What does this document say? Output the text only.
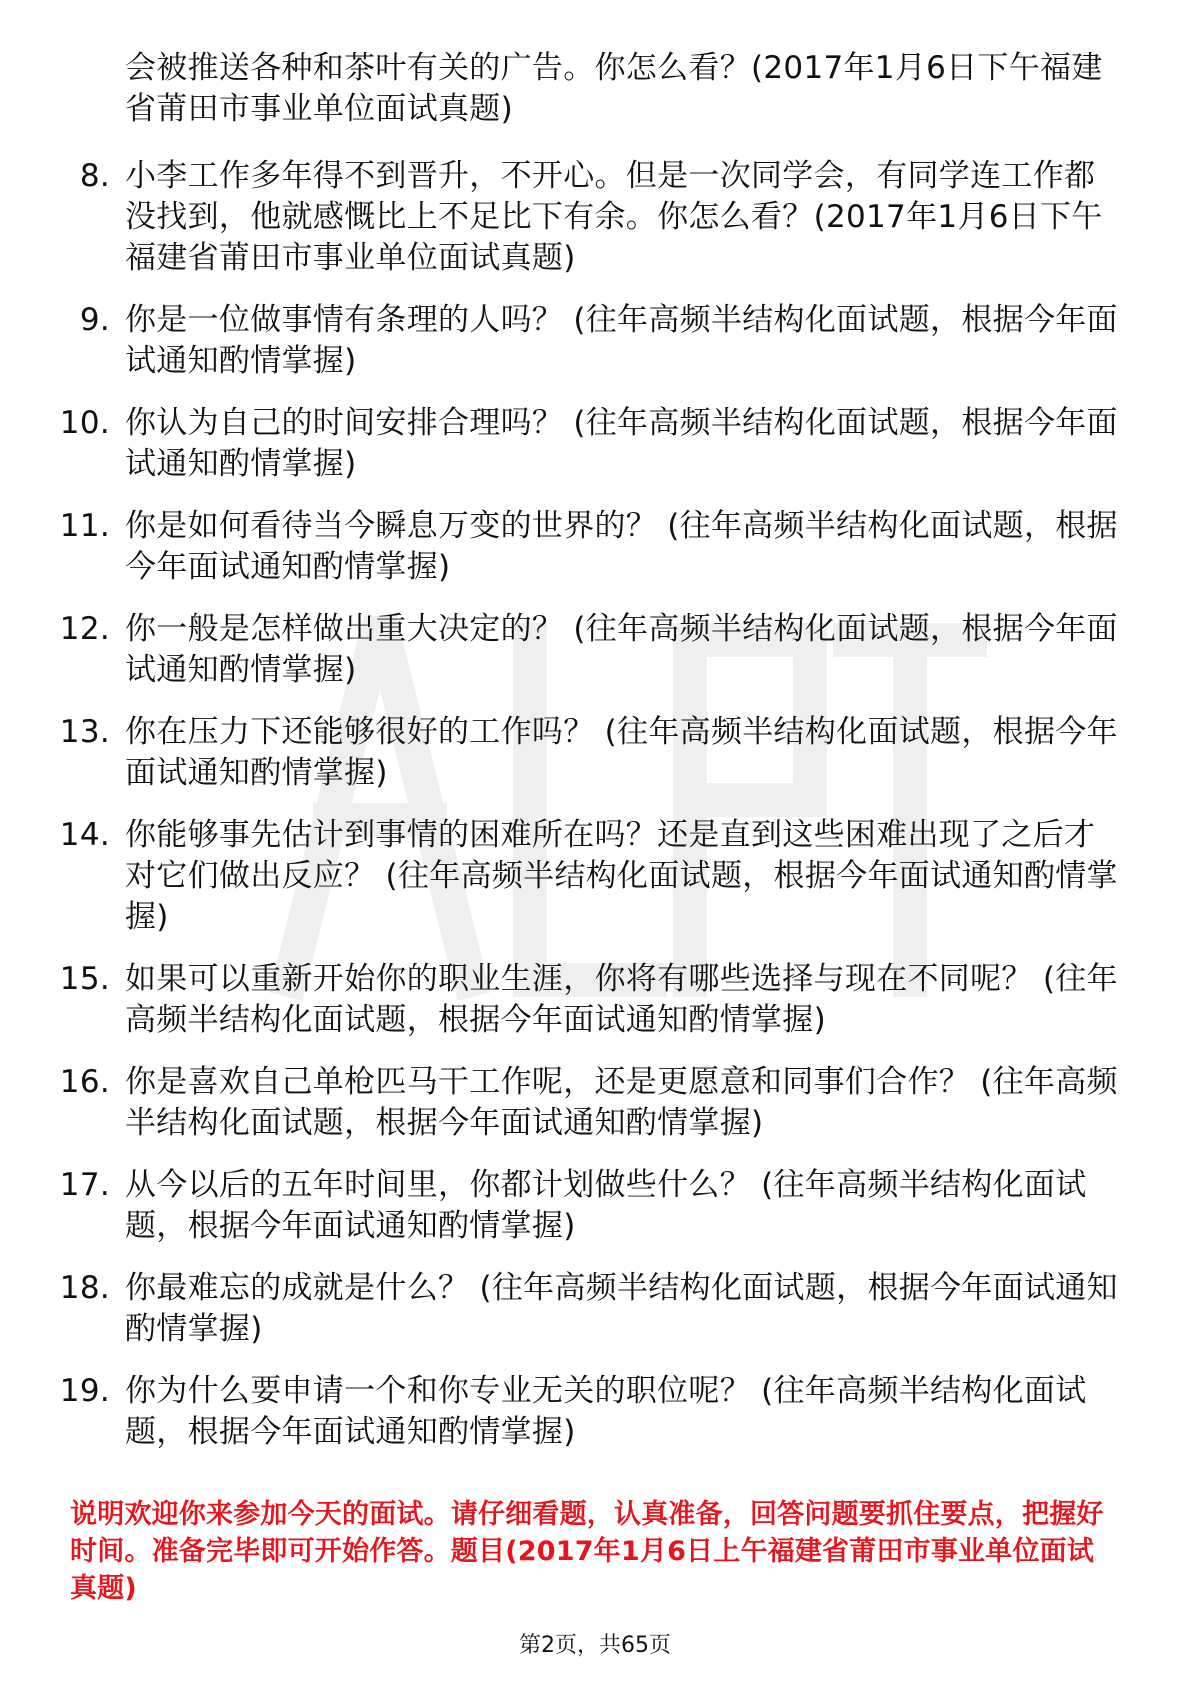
会被推送各种和茶叶有关的广告。你怎么看？(2017年1月6日下午福建省莆田市事业单位面试真题)
8. 小李工作多年得不到晋升，不开心。但是一次同学会，有同学连工作都没找到，他就感慨比上不足比下有余。你怎么看？(2017年1月6日下午福建省莆田市事业单位面试真题)
9. 你是一位做事情有条理的人吗？ (往年高频半结构化面试题，根据今年面试通知酌情掌握)
10. 你认为自己的时间安排合理吗？ (往年高频半结构化面试题，根据今年面试通知酌情掌握)
11. 你是如何看待当今瞬息万变的世界的？ (往年高频半结构化面试题，根据今年面试通知酌情掌握)
12. 你一般是怎样做出重大决定的？ (往年高频半结构化面试题，根据今年面试通知酌情掌握)
13. 你在压力下还能够很好的工作吗？ (往年高频半结构化面试题，根据今年面试通知酌情掌握)
14. 你能够事先估计到事情的困难所在吗？还是直到这些困难出现了之后才对它们做出反应？ (往年高频半结构化面试题，根据今年面试通知酌情掌握)
15. 如果可以重新开始你的职业生涯，你将有哪些选择与现在不同呢？ (往年高频半结构化面试题，根据今年面试通知酌情掌握)
16. 你是喜欢自己单枪匹马干工作呢，还是更愿意和同事们合作？ (往年高频半结构化面试题，根据今年面试通知酌情掌握)
17. 从今以后的五年时间里，你都计划做些什么？ (往年高频半结构化面试题，根据今年面试通知酌情掌握)
18. 你最难忘的成就是什么？ (往年高频半结构化面试题，根据今年面试通知酌情掌握)
19. 你为什么要申请一个和你专业无关的职位呢？ (往年高频半结构化面试题，根据今年面试通知酌情掌握)
说明欢迎你来参加今天的面试。请仔细看题，认真准备，回答问题要抓住要点，把握好时间。准备完毕即可开始作答。题目(2017年1月6日上午福建省莆田市事业单位面试真题)
第2页，共65页
